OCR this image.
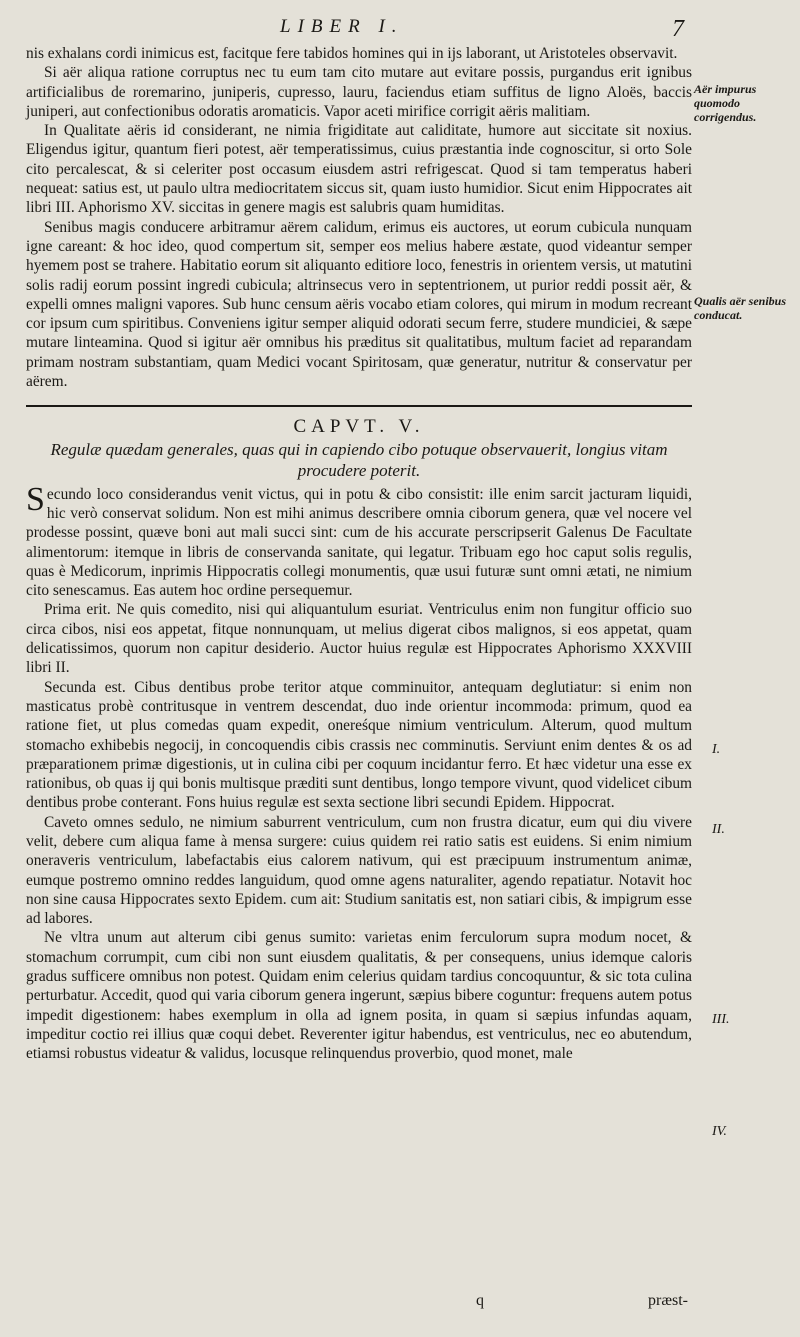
LIBER I.	7

nis exhalans cordi inimicus est, facitque fere tabidos homines qui in ijs laborant, ut Aristoteles observavit.

Si aër aliqua ratione corruptus nec tu eum tam cito mutare aut evitare possis, purgandus erit ignibus artificialibus de roremarino, juniperis, cupresso, lauru, faciendus etiam suffitus de ligno Aloës, baccis juniperi, aut confectionibus odoratis aromaticis. Vapor aceti mirifice corrigit aëris malitiam.

In Qualitate aëris id considerant, ne nimia frigiditate aut caliditate, humore aut siccitate sit noxius. Eligendus igitur, quantum fieri potest, aër temperatissimus, cuius præstantia inde cognoscitur, si orto Sole cito percalescat, & si celeriter post occasum eiusdem astri refrigescat. Quod si tam temperatus haberi nequeat: satius est, ut paulo ultra mediocritatem siccus sit, quam iusto humidior. Sicut enim Hippocrates ait libri III. Aphorismo XV. siccitas in genere magis est salubris quam humiditas.

Senibus magis conducere arbitramur aërem calidum, erimus eis auctores, ut eorum cubicula nunquam igne careant: & hoc ideo, quod compertum sit, semper eos melius habere æstate, quod videantur semper hyemem post se trahere. Habitatio eorum sit aliquanto editiore loco, fenestris in orientem versis, ut matutini solis radij eorum possint ingredi cubicula; altrinsecus vero in septentrionem, ut purior reddi possit aër, & expelli omnes maligni vapores. Sub hunc censum aëris vocabo etiam colores, qui mirum in modum recreant cor ipsum cum spiritibus. Conveniens igitur semper aliquid odorati secum ferre, studere mundiciei, & sæpe mutare linteamina. Quod si igitur aër omnibus his præditus sit qualitatibus, multum faciet ad reparandam primam nostram substantiam, quam Medici vocant Spiritosam, quæ generatur, nutritur & conservatur per aërem.

CAPVT. V.

Regulæ quædam generales, quas qui in capiendo cibo potuque observauerit, longius vitam procudere poterit.

Secundo loco considerandus venit victus, qui in potu & cibo consistit: ille enim sarcit jacturam liquidi, hic verò conservat solidum. Non est mihi animus describere omnia ciborum genera, quæ vel nocere vel prodesse possint, quæve boni aut mali succi sint: cum de his accurate perscripserit Galenus De Facultate alimentorum: itemque in libris de conservanda sanitate, qui legatur. Tribuam ego hoc caput solis regulis, quas è Medicorum, inprimis Hippocratis collegi monumentis, quæ usui futuræ sunt omni ætati, ne nimium cito senescamus. Eas autem hoc ordine persequemur.

Prima erit. Ne quis comedito, nisi qui aliquantulum esuriat. Ventriculus enim non fungitur officio suo circa cibos, nisi eos appetat, fitque nonnunquam, ut melius digerat cibos malignos, si eos appetat, quam delicatissimos, quorum non capitur desiderio. Auctor huius regulæ est Hippocrates Aphorismo XXXVIII libri II.

Secunda est. Cibus dentibus probe teritor atque comminuitor, antequam deglutiatur: si enim non masticatus probè contritusque in ventrem descendat, duo inde orientur incommoda: primum, quod ea ratione fiet, ut plus comedas quam expedit, onereśque nimium ventriculum. Alterum, quod multum stomacho exhibebis negocij, in concoquendis cibis crassis nec comminutis. Serviunt enim dentes & os ad præparationem primæ digestionis, ut in culina cibi per coquum incidantur ferro. Et hæc videtur una esse ex rationibus, ob quas ij qui bonis multisque præditi sunt dentibus, longo tempore vivunt, quod videlicet cibum dentibus probe conterant. Fons huius regulæ est sexta sectione libri secundi Epidem. Hippocrat.

Caveto omnes sedulo, ne nimium saburrent ventriculum, cum non frustra dicatur, eum qui diu vivere velit, debere cum aliqua fame à mensa surgere: cuius quidem rei ratio satis est euidens. Si enim nimium oneraveris ventriculum, labefactabis eius calorem nativum, qui est præcipuum instrumentum animæ, eumque postremo omnino reddes languidum, quod omne agens naturaliter, agendo repatiatur. Notavit hoc non sine causa Hippocrates sexto Epidem. cum ait: Studium sanitatis est, non satiari cibis, & impigrum esse ad labores.

Ne vltra unum aut alterum cibi genus sumito: varietas enim ferculorum supra modum nocet, & stomachum corrumpit, cum cibi non sunt eiusdem qualitatis, & per consequens, unius idemque caloris gradus sufficere omnibus non potest. Quidam enim celerius quidam tardius concoquuntur, & sic tota culina perturbatur. Accedit, quod qui varia ciborum genera ingerunt, sæpius bibere coguntur: frequens autem potus impedit digestionem: habes exemplum in olla ad ignem posita, in quam si sæpius infundas aquam, impeditur coctio rei illius quæ coqui debet. Reverenter igitur habendus, est ventriculus, nec eo abutendum, etiamsi robustus videatur & validus, locusque relinquendus proverbio, quod monet, male

Aër impurus quomodo corrigendus.
Qualis aër senibus conducat.
I.
II.
III.
IV.
q	præst-
